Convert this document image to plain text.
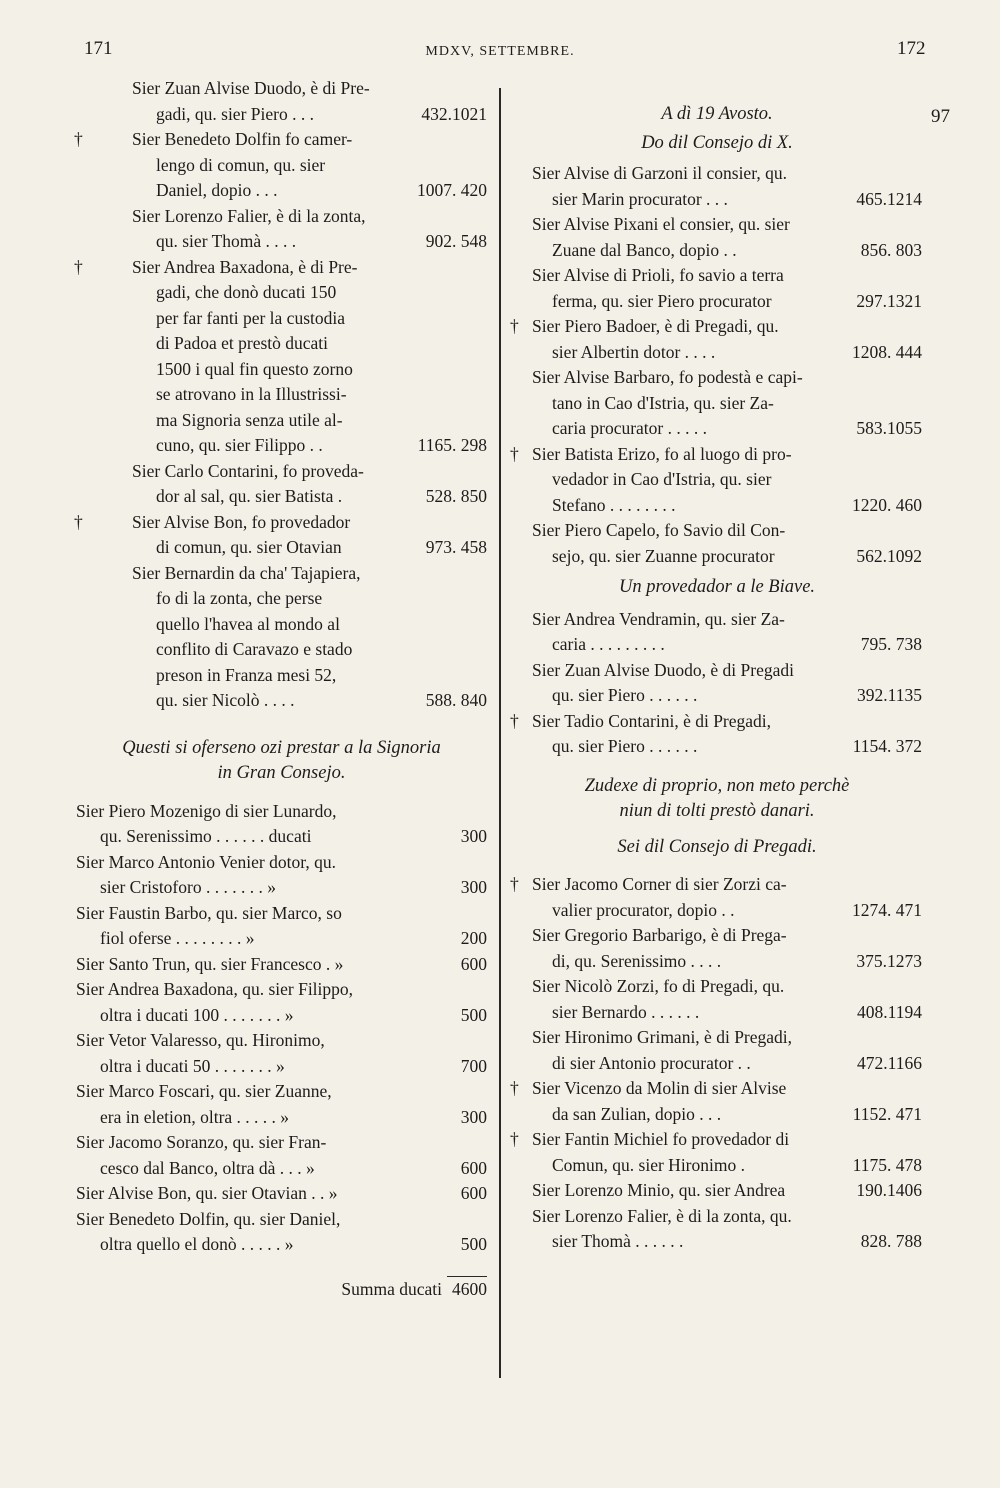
171	MDXV, SETTEMBRE.	172
97
Sier Zuan Alvise Duodo, è di Pre-
gadi, qu. sier Piero . . .	432.1021
†	Sier Benedeto Dolfin fo camer-
lengo di comun, qu. sier
Daniel, dopio . . .	1007. 420
Sier Lorenzo Falier, è di la zonta,
qu. sier Thomà . . . .	902. 548
†	Sier Andrea Baxadona, è di Pre-
gadi, che donò ducati 150
per far fanti per la custodia
di Padoa et prestò ducati
1500 i qual fin questo zorno
se atrovano in la Illustrissi-
ma Signoria senza utile al-
cuno, qu. sier Filippo . .	1165. 298
Sier Carlo Contarini, fo proveda-
dor al sal, qu. sier Batista .	528. 850
†	Sier Alvise Bon, fo provedador
di comun, qu. sier Otavian	973. 458
Sier Bernardin da cha' Tajapiera,
fo di la zonta, che perse
quello l'havea al mondo al
conflito di Caravazo e stado
preson in Franza mesi 52,
qu. sier Nicolò . . . .	588. 840
Questi si oferseno ozi prestar a la Signoria
in Gran Consejo.
Sier Piero Mozenigo di sier Lunardo,
qu. Serenissimo . . . . . . ducati	300
Sier Marco Antonio Venier dotor, qu.
sier Cristoforo . . . . . . . »	300
Sier Faustin Barbo, qu. sier Marco, so
fiol oferse . . . . . . . . »	200
Sier Santo Trun, qu. sier Francesco . »	600
Sier Andrea Baxadona, qu. sier Filippo,
oltra i ducati 100 . . . . . . . »	500
Sier Vetor Valaresso, qu. Hironimo,
oltra i ducati 50 . . . . . . . »	700
Sier Marco Foscari, qu. sier Zuanne,
era in eletion, oltra . . . . . »	300
Sier Jacomo Soranzo, qu. sier Fran-
cesco dal Banco, oltra dà . . . »	600
Sier Alvise Bon, qu. sier Otavian . . »	600
Sier Benedeto Dolfin, qu. sier Daniel,
oltra quello el donò . . . . . »	500
Summa ducati 4600
A dì 19 Avosto.
Do dil Consejo di X.
Sier Alvise di Garzoni il consier, qu.
sier Marin procurator . . .	465.1214
Sier Alvise Pixani el consier, qu. sier
Zuane dal Banco, dopio . .	856. 803
Sier Alvise di Prioli, fo savio a terra
ferma, qu. sier Piero procurator	297.1321
† Sier Piero Badoer, è di Pregadi, qu.
sier Albertin dotor . . . .	1208. 444
Sier Alvise Barbaro, fo podestà e capi-
tano in Cao d'Istria, qu. sier Za-
caria procurator . . . . .	583.1055
† Sier Batista Erizo, fo al luogo di pro-
vedador in Cao d'Istria, qu. sier
Stefano . . . . . . . .	1220. 460
Sier Piero Capelo, fo Savio dil Con-
sejo, qu. sier Zuanne procurator	562.1092
Un provedador a le Biave.
Sier Andrea Vendramin, qu. sier Za-
caria . . . . . . . . .	795. 738
Sier Zuan Alvise Duodo, è di Pregadi
qu. sier Piero . . . . . .	392.1135
† Sier Tadio Contarini, è di Pregadi,
qu. sier Piero . . . . . .	1154. 372
Zudexe di proprio, non meto perchè
niun di tolti prestò danari.
Sei dil Consejo di Pregadi.
† Sier Jacomo Corner di sier Zorzi ca-
valier procurator, dopio . .	1274. 471
Sier Gregorio Barbarigo, è di Prega-
di, qu. Serenissimo . . . .	375.1273
Sier Nicolò Zorzi, fo di Pregadi, qu.
sier Bernardo . . . . . .	408.1194
Sier Hironimo Grimani, è di Pregadi,
di sier Antonio procurator . .	472.1166
† Sier Vicenzo da Molin di sier Alvise
da san Zulian, dopio . . .	1152. 471
† Sier Fantin Michiel fo provedador di
Comun, qu. sier Hironimo .	1175. 478
Sier Lorenzo Minio, qu. sier Andrea	190.1406
Sier Lorenzo Falier, è di la zonta, qu.
sier Thomà . . . . . .	828. 788
